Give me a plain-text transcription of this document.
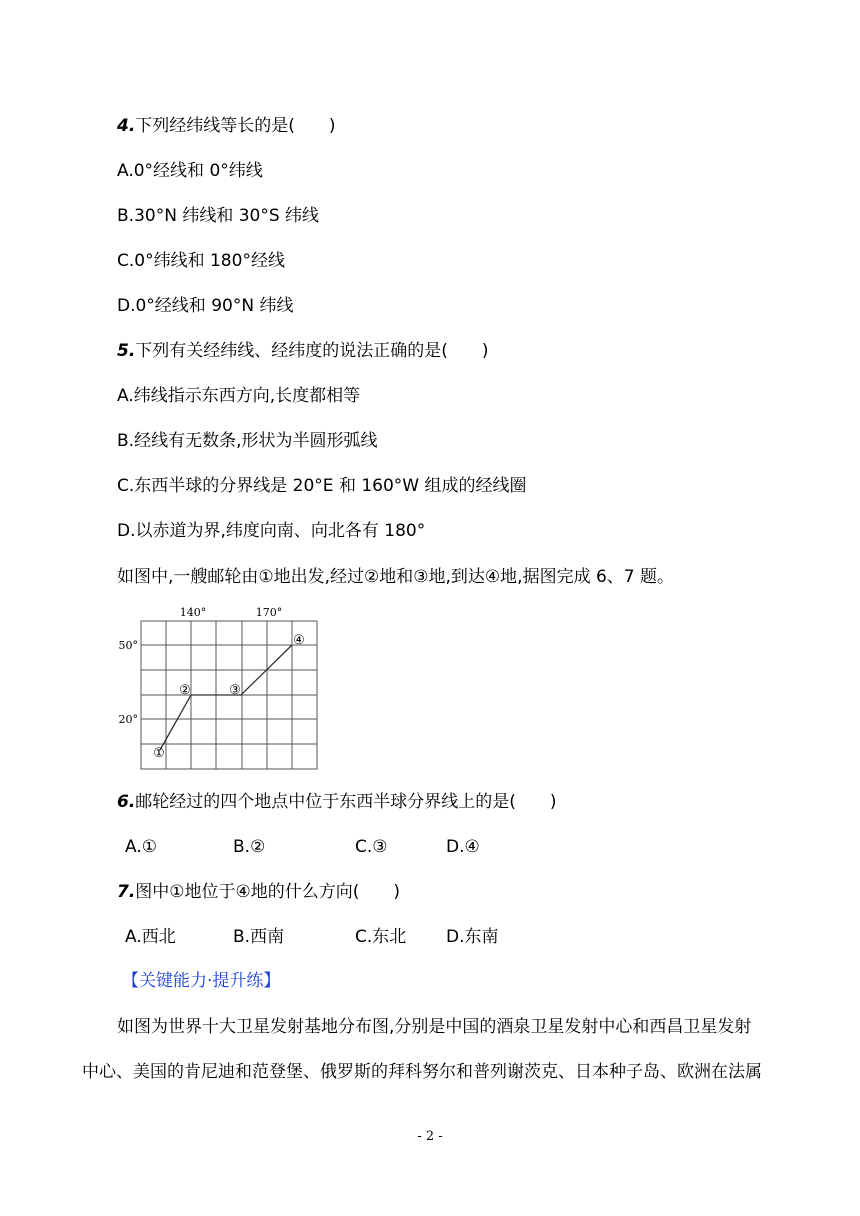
4.下列经纬线等长的是(　　)
A.0°经线和 0°纬线
B.30°N 纬线和 30°S 纬线
C.0°纬线和 180°经线
D.0°经线和 90°N 纬线
5.下列有关经纬线、经纬度的说法正确的是(　　)
A.纬线指示东西方向,长度都相等
B.经线有无数条,形状为半圆形弧线
C.东西半球的分界线是 20°E 和 160°W 组成的经线圈
D.以赤道为界,纬度向南、向北各有 180°
如图中,一艘邮轮由①地出发,经过②地和③地,到达④地,据图完成 6、7 题。
140°	170°
50°
20°
①
②	③
④
6.邮轮经过的四个地点中位于东西半球分界线上的是(　　)
A.①	B.②	C.③	D.④
7.图中①地位于④地的什么方向(　　)
A.西北	B.西南	C.东北 D.东南
【关键能力·提升练】
如图为世界十大卫星发射基地分布图,分别是中国的酒泉卫星发射中心和西昌卫星发射
中心、美国的肯尼迪和范登堡、俄罗斯的拜科努尔和普列谢茨克、日本种子岛、欧洲在法属
- 2 -
